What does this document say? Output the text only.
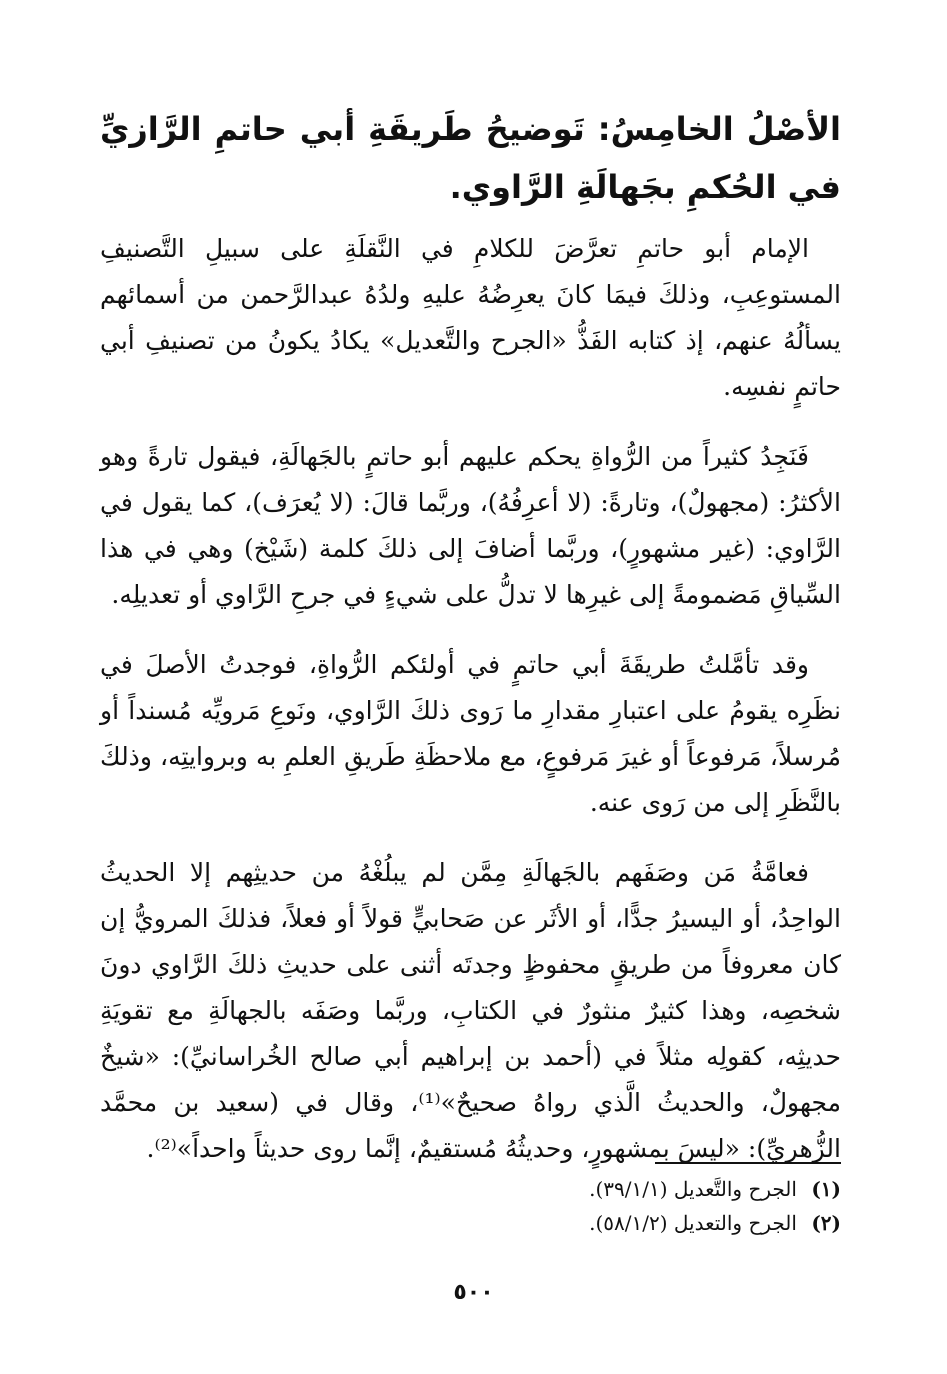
الأصْلُ الخامِسُ: تَوضيحُ طَريقَةِ أبي حاتمِ الرَّازيِّ في الحُكمِ بجَهالَةِ الرَّاوي.

الإمام أبو حاتمِ تعرَّضَ للكلامِ في النَّقلَةِ على سبيلِ التَّصنيفِ المستوعِبِ، وذلكَ فيمَا كانَ يعرِضُهُ عليهِ ولدُهُ عبدالرَّحمن من أسمائهم يسألُهُ عنهم، إذ كتابه الفَذُّ «الجرح والتَّعديل» يكادُ يكونُ من تصنيفِ أبي حاتمٍ نفسِه.

فَنَجِدُ كثيراً من الرُّواةِ يحكم عليهم أبو حاتمٍ بالجَهالَةِ، فيقول تارةً وهو الأكثرُ: (مجهولٌ)، وتارةً: (لا أعرِفُهُ)، وربَّما قالَ: (لا يُعرَف)، كما يقول في الرَّاوي: (غير مشهورٍ)، وربَّما أضافَ إلى ذلكَ كلمة (شَيْخ) وهي في هذا السِّياقِ مَضمومةً إلى غيرِها لا تدلُّ على شيءٍ في جرحِ الرَّاوي أو تعديلِه.

وقد تأمَّلتُ طريقَةَ أبي حاتمٍ في أولئكم الرُّواةِ، فوجدتُ الأصلَ في نظَرِه يقومُ على اعتبارِ مقدارِ ما رَوى ذلكَ الرَّاوي، ونَوعِ مَرويِّه مُسنداً أو مُرسلاً، مَرفوعاً أو غيرَ مَرفوعٍ، مع ملاحظَةِ طَريقِ العلمِ به وبروايتِه، وذلكَ بالنَّظَرِ إلى من رَوى عنه.

فعامَّةُ مَن وصَفَهم بالجَهالَةِ مِمَّن لم يبلُغْهُ من حديثِهم إلا الحديثُ الواحِدُ، أو اليسيرُ جدًّا، أو الأثَر عن صَحابيٍّ قولاً أو فعلاً، فذلكَ المرويُّ إن كان معروفاً من طريقٍ محفوظٍ وجدتَه أثنى على حديثِ ذلكَ الرَّاوي دونَ شخصِه، وهذا كثيرٌ منثورٌ في الكتابِ، وربَّما وصَفَه بالجهالَةِ مع تقويَةِ حديثِه، كقولِه مثلاً في (أحمد بن إبراهيم أبي صالح الخُراسانيِّ): «شيخٌ مجهولٌ، والحديثُ الَّذي رواهُ صحيحٌ»⁽¹⁾، وقال في (سعيد بن محمَّد الزُّهريِّ): «ليسَ بمشهورٍ، وحديثُهُ مُستقيمٌ، إنَّما روى حديثاً واحداً»⁽²⁾.

(١) الجرح والتَّعديل (٣٩/١/١).
(٢) الجرح والتعديل (٥٨/١/٢).
٥٠٠
